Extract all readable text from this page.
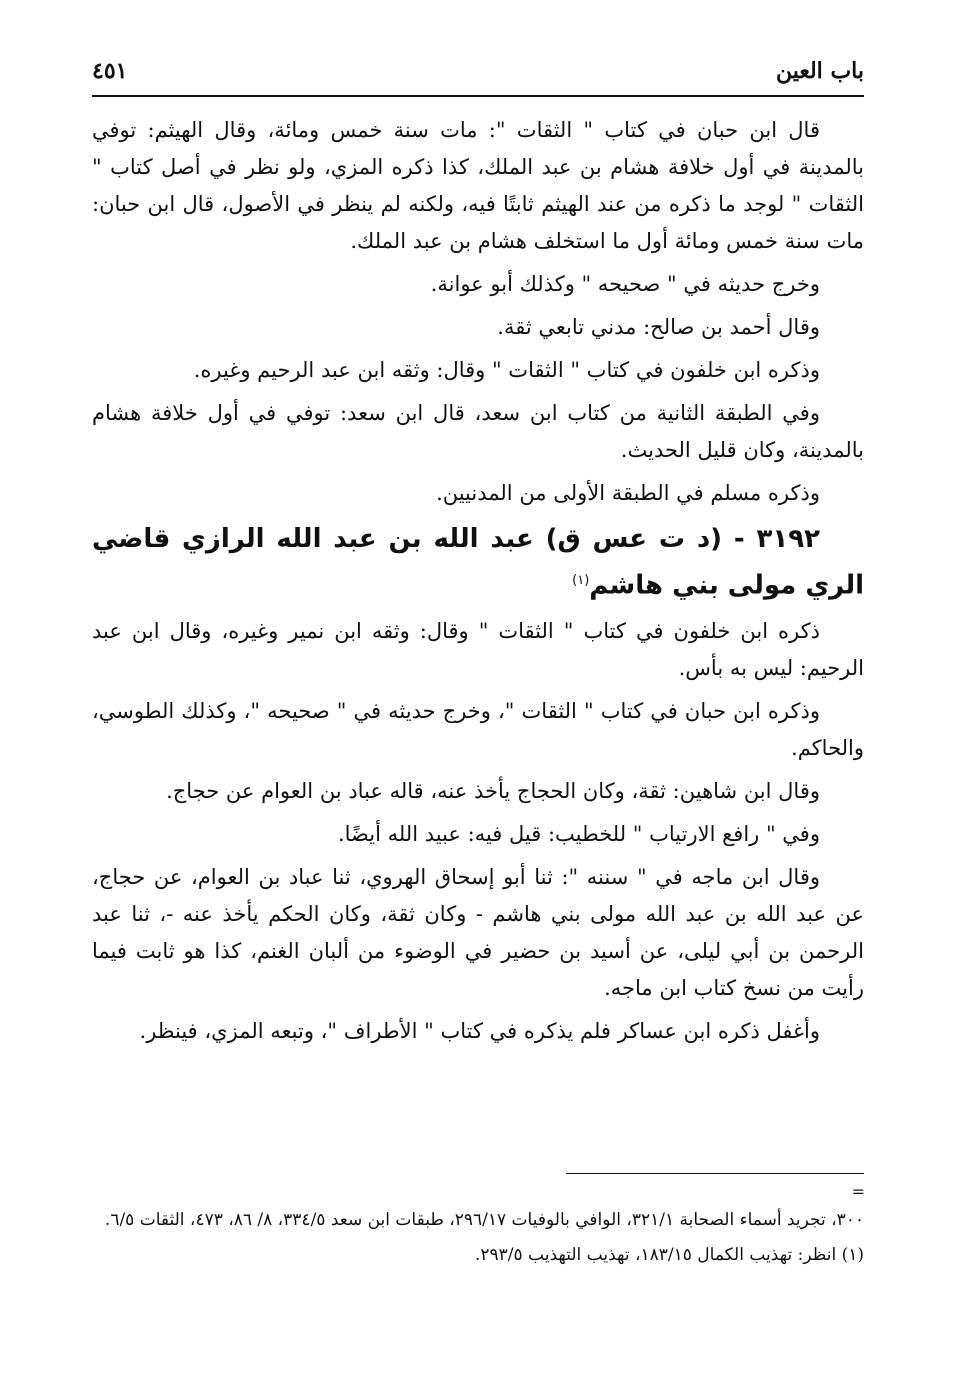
باب العين
٤٥١

قال ابن حبان في كتاب " الثقات ": مات سنة خمس ومائة، وقال الهيثم: توفي بالمدينة في أول خلافة هشام بن عبد الملك، كذا ذكره المزي، ولو نظر في أصل كتاب " الثقات " لوجد ما ذكره من عند الهيثم ثابتًا فيه، ولكنه لم ينظر في الأصول، قال ابن حبان: مات سنة خمس ومائة أول ما استخلف هشام بن عبد الملك.

وخرج حديثه في " صحيحه " وكذلك أبو عوانة.

وقال أحمد بن صالح: مدني تابعي ثقة.

وذكره ابن خلفون في كتاب " الثقات " وقال: وثقه ابن عبد الرحيم وغيره.

وفي الطبقة الثانية من كتاب ابن سعد، قال ابن سعد: توفي في أول خلافة هشام بالمدينة، وكان قليل الحديث.

وذكره مسلم في الطبقة الأولى من المدنيين.

٣١٩٢ - (د ت عس ق) عبد الله بن عبد الله الرازي قاضي الري مولى بني هاشم$^{(١)}$

ذكره ابن خلفون في كتاب " الثقات " وقال: وثقه ابن نمير وغيره، وقال ابن عبد الرحيم: ليس به بأس.

وذكره ابن حبان في كتاب " الثقات "، وخرج حديثه في " صحيحه "، وكذلك الطوسي، والحاكم.

وقال ابن شاهين: ثقة، وكان الحجاج يأخذ عنه، قاله عباد بن العوام عن حجاج.

وفي " رافع الارتياب " للخطيب: قيل فيه: عبيد الله أيضًا.

وقال ابن ماجه في " سننه ": ثنا أبو إسحاق الهروي، ثنا عباد بن العوام، عن حجاج، عن عبد الله بن عبد الله مولى بني هاشم - وكان ثقة، وكان الحكم يأخذ عنه -، ثنا عبد الرحمن بن أبي ليلى، عن أسيد بن حضير في الوضوء من ألبان الغنم، كذا هو ثابت فيما رأيت من نسخ كتاب ابن ماجه.

وأغفل ذكره ابن عساكر فلم يذكره في كتاب " الأطراف "، وتبعه المزي، فينظر.

=

٣٠٠، تجريد أسماء الصحابة ٣٢١/١، الوافي بالوفيات ٢٩٦/١٧، طبقات ابن سعد ٣٣٤/٥، ٨/ ٨٦، ٤٧٣، الثقات ٦/٥.

(١) انظر: تهذيب الكمال ١٨٣/١٥، تهذيب التهذيب ٢٩٣/٥.
